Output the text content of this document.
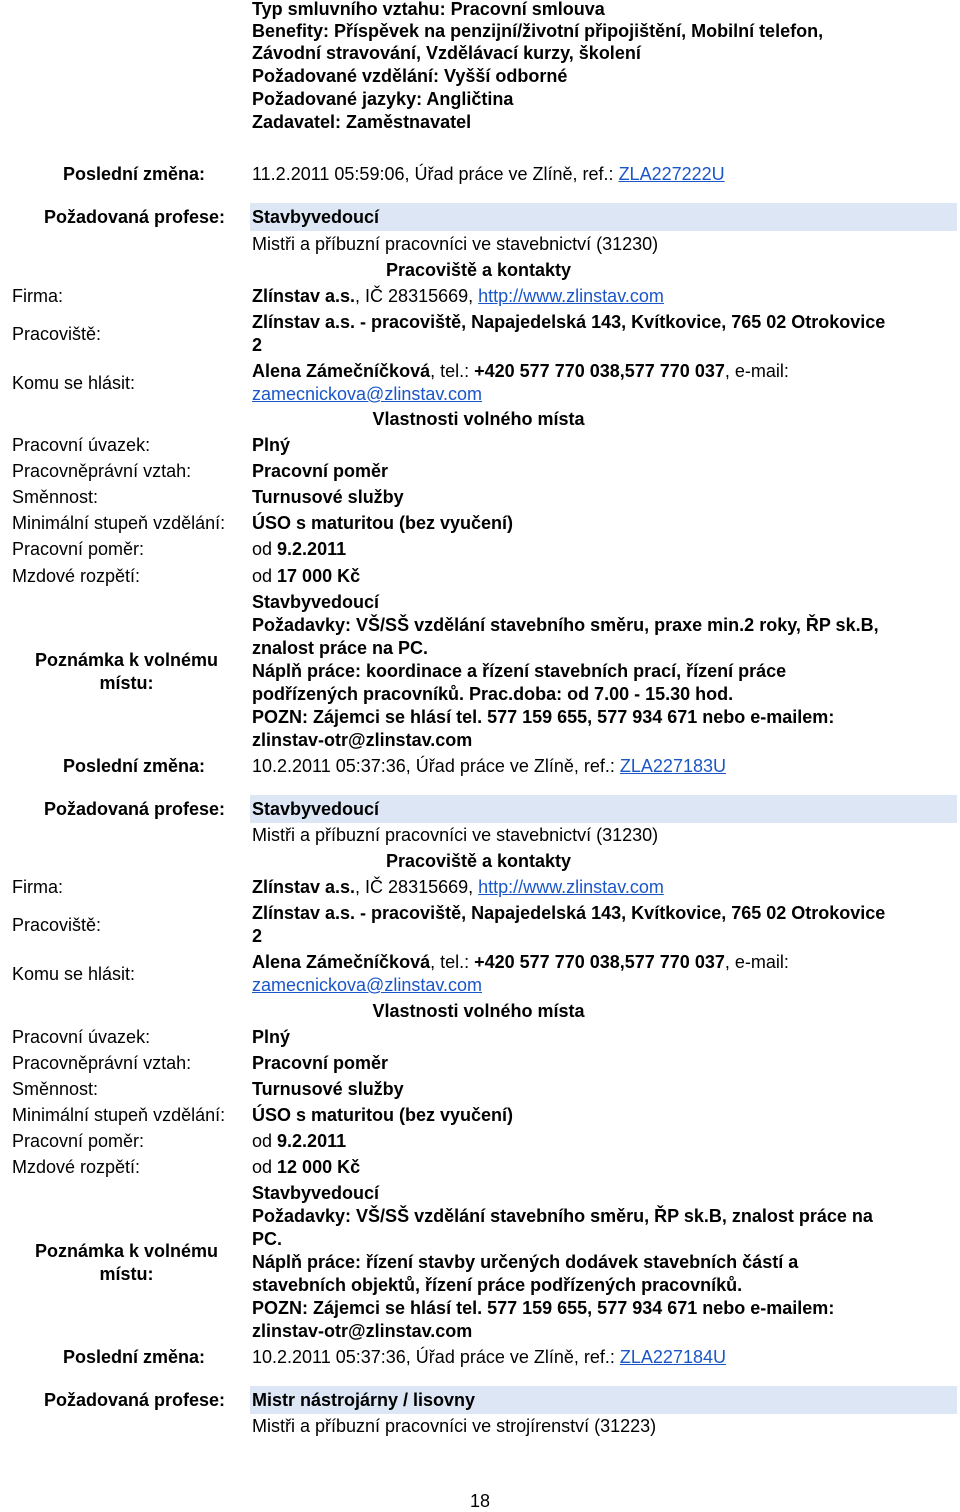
Typ smluvního vztahu: Pracovní smlouva
Benefity: Příspěvek na penzijní/životní připojištění, Mobilní telefon,
Závodní stravování, Vzdělávací kurzy, školení
Požadované vzdělání: Vyšší odborné
Požadované jazyky: Angličtina
Zadavatel: Zaměstnavatel
Poslední změna:	11.2.2011 05:59:06, Úřad práce ve Zlíně, ref.: ZLA227222U
Požadovaná profese: Stavbyvedoucí
Mistři a příbuzní pracovníci ve stavebnictví (31230)
Pracoviště a kontakty
Firma:	Zlínstav a.s., IČ 28315669, http://www.zlinstav.com
Pracoviště:
Zlínstav a.s. - pracoviště, Napajedelská 143, Kvítkovice, 765 02 Otrokovice
2
Komu se hlásit:
Alena Zámečníčková, tel.: +420 577 770 038,577 770 037, e-mail:
zamecnickova@zlinstav.com
Vlastnosti volného místa
Pracovní úvazek:	Plný
Pracovněprávní vztah:	Pracovní poměr
Směnnost:	Turnusové služby
Minimální stupeň vzdělání: ÚSO s maturitou (bez vyučení)
Pracovní poměr:	od 9.2.2011
Mzdové rozpětí:	od 17 000 Kč
Poznámka k volnému
místu:
Stavbyvedoucí
Požadavky: VŠ/SŠ vzdělání stavebního směru, praxe min.2 roky, ŘP sk.B,
znalost práce na PC.
Náplň práce: koordinace a řízení stavebních prací, řízení práce
podřízených pracovníků. Prac.doba: od 7.00 - 15.30 hod.
POZN: Zájemci se hlásí tel. 577 159 655, 577 934 671 nebo e-mailem:
zlinstav-otr@zlinstav.com
Poslední změna:	10.2.2011 05:37:36, Úřad práce ve Zlíně, ref.: ZLA227183U
Požadovaná profese: Stavbyvedoucí
Mistři a příbuzní pracovníci ve stavebnictví (31230)
Pracoviště a kontakty
Firma:	Zlínstav a.s., IČ 28315669, http://www.zlinstav.com
Pracoviště:
Zlínstav a.s. - pracoviště, Napajedelská 143, Kvítkovice, 765 02 Otrokovice
2
Komu se hlásit:
Alena Zámečníčková, tel.: +420 577 770 038,577 770 037, e-mail:
zamecnickova@zlinstav.com
Vlastnosti volného místa
Pracovní úvazek:	Plný
Pracovněprávní vztah:	Pracovní poměr
Směnnost:	Turnusové služby
Minimální stupeň vzdělání: ÚSO s maturitou (bez vyučení)
Pracovní poměr:	od 9.2.2011
Mzdové rozpětí:	od 12 000 Kč
Poznámka k volnému
místu:
Stavbyvedoucí
Požadavky: VŠ/SŠ vzdělání stavebního směru, ŘP sk.B, znalost práce na
PC.
Náplň práce: řízení stavby určených dodávek stavebních částí a
stavebních objektů, řízení práce podřízených pracovníků.
POZN: Zájemci se hlásí tel. 577 159 655, 577 934 671 nebo e-mailem:
zlinstav-otr@zlinstav.com
Poslední změna:	10.2.2011 05:37:36, Úřad práce ve Zlíně, ref.: ZLA227184U
Požadovaná profese: Mistr nástrojárny / lisovny
Mistři a příbuzní pracovníci ve strojírenství (31223)
18
